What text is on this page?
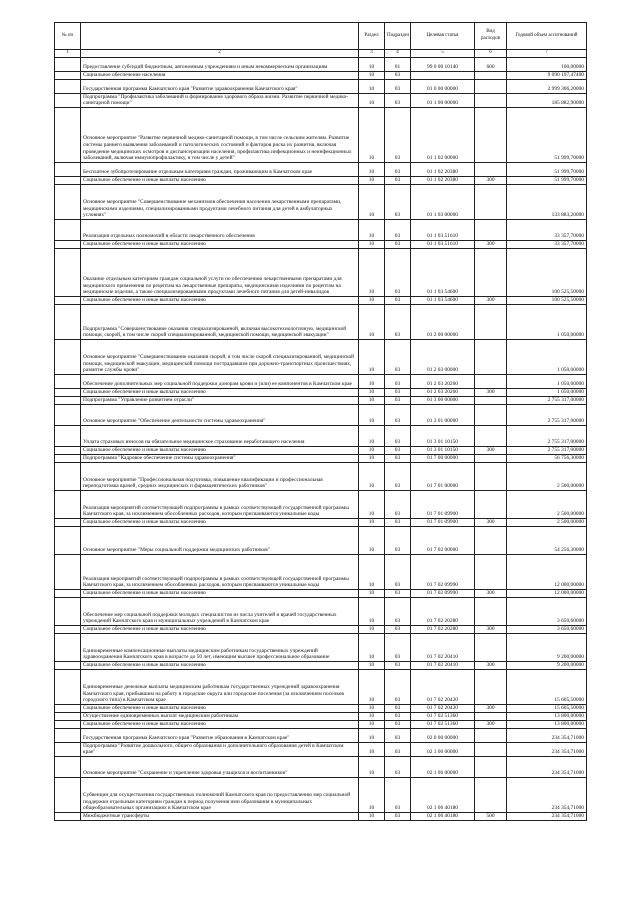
№ пп		Раздел	Подраздел	Целевая статья	Вид расходов	Годовой объем ассигнований
1	2	3	4	5	6	7
	Предоставление субсидий бюджетным, автономным учреждениям и иным некоммерческим организациям	10	01	99 0 00 10140	600	100,00000
	Социальное обеспечение населения	10	03			9 090 197,47400
	Государственная программа Камчатского края "Развитие здравоохранения Камчатского края"	10	03	01 0 00 00000		2 999 306,20000
	Подпрограмма "Профилактика заболеваний и формирование здорового образа жизни. Развитие первичной медико-санитарной помощи"	10	03	01 1 00 00000		185 882,90000
	Основное мероприятие "Развитие первичной медико-санитарной помощи, в том числе сельским жителям. Развитие системы раннего выявления заболеваний и патологических состояний и факторов риска их развития, включая проведение медицинских осмотров и диспансеризации населения, профилактика инфекционных и неинфекционных заболеваний, включая иммунопрофилактику, в том числе у детей"	10	03	01 1 02 00000		51 999,70000
	Бесплатное зубопротезирование отдельным категориям граждан, проживающим в Камчатском крае	10	03	01 1 02 20380		51 999,70000
	Социальное обеспечение и иные выплаты населению	10	03	01 1 02 20380	300	51 999,70000
	Основное мероприятие "Совершенствование механизмов обеспечения населения лекарственными препаратами, медицинскими изделиями, специализированными продуктами лечебного питания для детей в амбулаторных условиях"	10	03	01 1 03 00000		133 883,20000
	Реализация отдельных полномочий в области лекарственного обеспечения	10	03	01 1 03 51610		33 357,70000
	Социальное обеспечение и иные выплаты населению	10	03	01 1 03 51610	300	33 357,70000
	Оказание отдельным категориям граждан социальной услуги по обеспечению лекарственными препаратами для медицинского применения по рецептам на лекарственные препараты, медицинскими изделиями по рецептам на медицинские изделия, а также специализированными продуктами лечебного питания для детей-инвалидов	10	03	01 1 03 54600		100 525,50000
	Социальное обеспечение и иные выплаты населению	10	03	01 1 03 54600	300	100 525,50000
	Подпрограмма "Совершенствование оказания специализированной, включая высокотехнологичную, медицинской помощи, скорой, в том числе скорой специализированной, медицинской помощи, медицинской эвакуации"	10	03	01 2 00 00000		1 050,00000
	Основное мероприятие "Совершенствование оказания скорой, в том числе скорой специализированной, медицинской помощи, медицинской эвакуации, медицинской помощи пострадавшим при дорожно-транспортных происшествиях, развитие службы крови"	10	03	01 2 03 00000		1 050,00000
	Обеспечение дополнительных мер социальной поддержки донорам крови и (или) ее компонентов в Камчатском крае	10	03	01 2 03 20260		1 050,00000
	Социальное обеспечение и иные выплаты населению	10	03	01 2 03 20260	300	1 050,00000
	Подпрограмма "Управление развитием отрасли"	10	03	01 3 00 00000		2 755 317,00000
	Основное мероприятие "Обеспечение деятельности системы здравоохранения"	10	03	01 3 01 00000		2 755 317,00000
	Уплата страховых взносов на обязательное медицинское страхование неработающего населения	10	03	01 3 01 10150		2 755 317,00000
	Социальное обеспечение и иные выплаты населению	10	03	01 3 01 10150	300	2 755 317,00000
	Подпрограмма "Кадровое обеспечение системы здравоохранения"	10	03	01 7 00 00000		56 756,30000
	Основное мероприятие "Профессиональная подготовка, повышение квалификации и профессиональная переподготовка врачей, средних медицинских и фармацевтических работников"	10	03	01 7 01 00000		2 500,00000
	Реализация мероприятий соответствующей подпрограммы в рамках соответствующей государственной программы Камчатского края, за исключением обособленных расходов, которым присваиваются уникальные коды	10	03	01 7 01 09900		2 500,00000
	Социальное обеспечение и иные выплаты населению	10	03	01 7 01 09900	300	2 500,00000
	Основное мероприятие "Меры социальной поддержки медицинских работников"	10	03	01 7 02 00000		54 256,30000
	Реализация мероприятий соответствующей подпрограммы в рамках соответствующей государственной программы Камчатского края, за исключением обособленных расходов, которым присваиваются уникальные коды	10	03	01 7 02 09990		12 000,00000
	Социальное обеспечение и иные выплаты населению	10	03	01 7 02 09990	300	12 000,00000
	Обеспечение мер социальной поддержки молодых специалистов из числа учителей и врачей государственных учреждений Камчатского края и муниципальных учреждений в Камчатском крае	10	03	01 7 02 20280		3 650,60000
	Социальное обеспечение и иные выплаты населению	10	03	01 7 02 20280	300	3 650,60000
	Единовременные компенсационные выплаты медицинским работникам государственных учреждений здравоохранения Камчатского края в возрасте до 50 лет, имеющим высшее профессиональное образование	10	03	01 7 02 20410		9 200,00000
	Социальное обеспечение и иные выплаты населению	10	03	01 7 02 20410	300	9 200,00000
	Единовременные денежные выплаты медицинским работникам государственных учреждений здравоохранения Камчатского края, прибывшим на работу в городские округа или городские поселения (за исключением поселков городского типа) в Камчатском крае	10	03	01 7 02 20420		15 605,50000
	Социальное обеспечение и иные выплаты населению	10	03	01 7 02 20420	300	15 605,50000
	Осуществление единовременных выплат медицинским работникам	10	03	01 7 02 51360		13 800,00000
	Социальное обеспечение и иные выплаты населению	10	03	01 7 02 51360	300	13 800,00000
	Государственная программа Камчатского края "Развитие образования в Камчатском крае"	10	03	02 0 00 00000		234 354,71000
	Подпрограмма "Развитие дошкольного, общего образования и дополнительного образования детей в Камчатском крае"	10	03	02 1 00 00000		234 354,71000
	Основное мероприятие "Сохранение и укрепление здоровья учащихся и воспитанников"	10	03	02 1 06 00000		234 354,71000
	Субвенции для осуществления государственных полномочий Камчатского края по предоставлению мер социальной поддержки отдельным категориям граждан в период получения ими образования в муниципальных общеобразовательных организациях в Камчатском крае	10	03	02 1 06 40180		234 354,71000
	Межбюджетные трансферты	10	03	02 1 06 40180	500	234 354,71000
